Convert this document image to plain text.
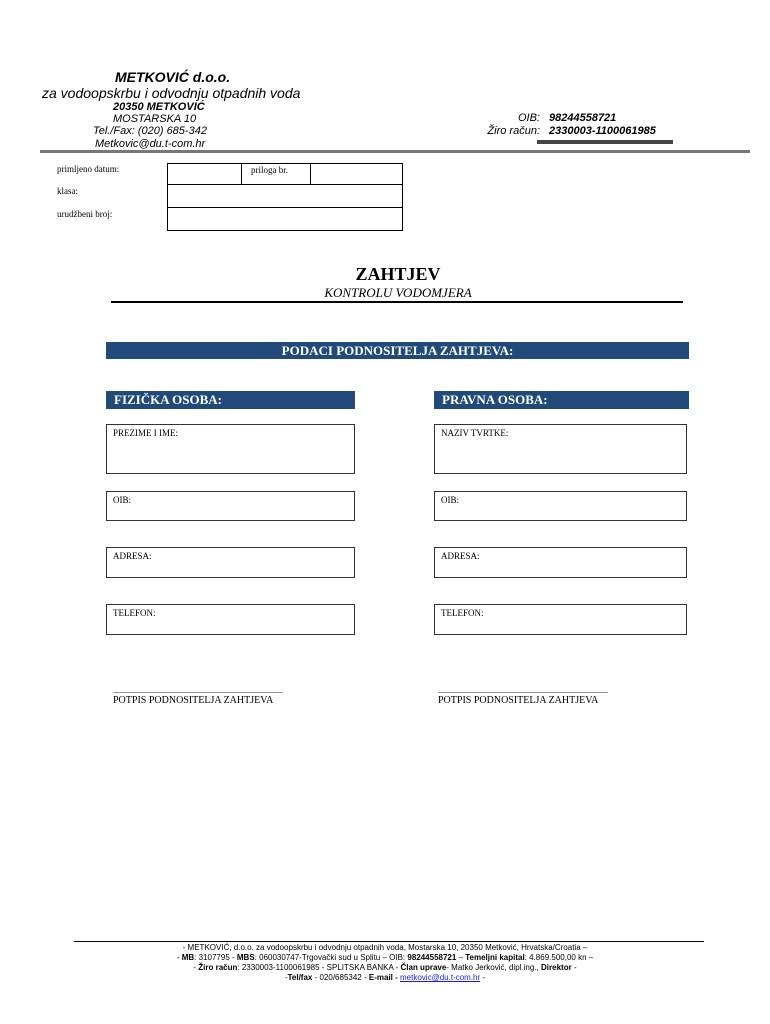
METKOVIĆ d.o.o.
za vodoopskrbu i odvodnju otpadnih voda
20350 METKOVIĆ
MOSTARSKA 10
Tel./Fax: (020) 685-342
Metkovic@du.t-com.hr
OIB: 98244558721
Žiro račun: 2330003-1100061985
primljeno datum:	priloga br.
klasa:
urudžbeni broj:
ZAHTJEV
KONTROLU VODOMJERA
PODACI PODNOSITELJA ZAHTJEVA:
FIZIČKA OSOBA:	PRAVNA OSOBA:
PREZIME I IME:
OIB:
ADRESA:
TELEFON:
NAZIV TVRTKE:
OIB:
ADRESA:
TELEFON:
POTPIS PODNOSITELJA ZAHTJEVA	POTPIS PODNOSITELJA ZAHTJEVA
- METKOVIĆ, d.o.o. za vodoopskrbu i odvodnju otpadnih voda, Mostarska 10, 20350 Metković, Hrvatska/Croatia –
- MB: 3107795 - MBS: 060030747-Trgovački sud u Splitu – OIB: 98244558721 – Temeljni kapital: 4.869.500,00 kn –
- Žiro račun: 2330003-1100061985 - SPLITSKA BANKA - Član uprave- Matko Jerković, dipl.ing., Direktor -
-Tel/fax - 020/685342 - E-mail - metkovic@du.t-com.hr -
